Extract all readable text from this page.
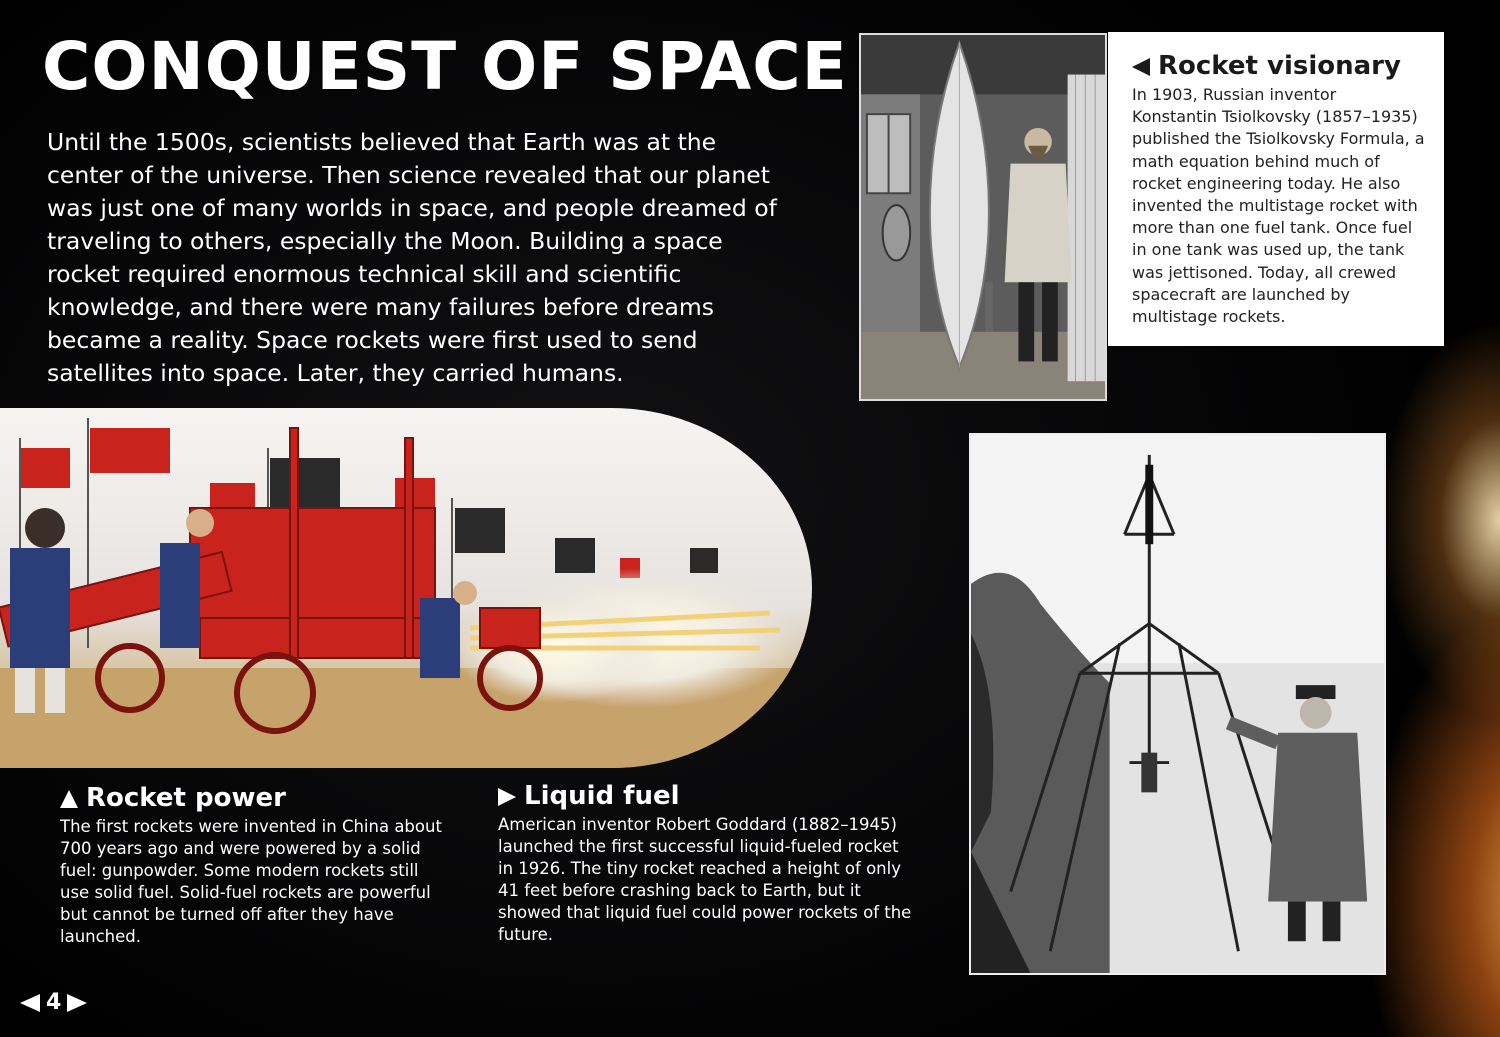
CONQUEST OF SPACE

Until the 1500s, scientists believed that Earth was at the center of the universe. Then science revealed that our planet was just one of many worlds in space, and people dreamed of traveling to others, especially the Moon. Building a space rocket required enormous technical skill and scientific knowledge, and there were many failures before dreams became a reality. Space rockets were first used to send satellites into space. Later, they carried humans.

Rocket visionary

In 1903, Russian inventor Konstantin Tsiolkovsky (1857–1935) published the Tsiolkovsky Formula, a math equation behind much of rocket engineering today. He also invented the multistage rocket with more than one fuel tank. Once fuel in one tank was used up, the tank was jettisoned. Today, all crewed spacecraft are launched by multistage rockets.

Rocket power

The first rockets were invented in China about 700 years ago and were powered by a solid fuel: gunpowder. Some modern rockets still use solid fuel. Solid-fuel rockets are powerful but cannot be turned off after they have launched.

Liquid fuel

American inventor Robert Goddard (1882–1945) launched the first successful liquid-fueled rocket in 1926. The tiny rocket reached a height of only 41 feet before crashing back to Earth, but it showed that liquid fuel could power rockets of the future.

4
